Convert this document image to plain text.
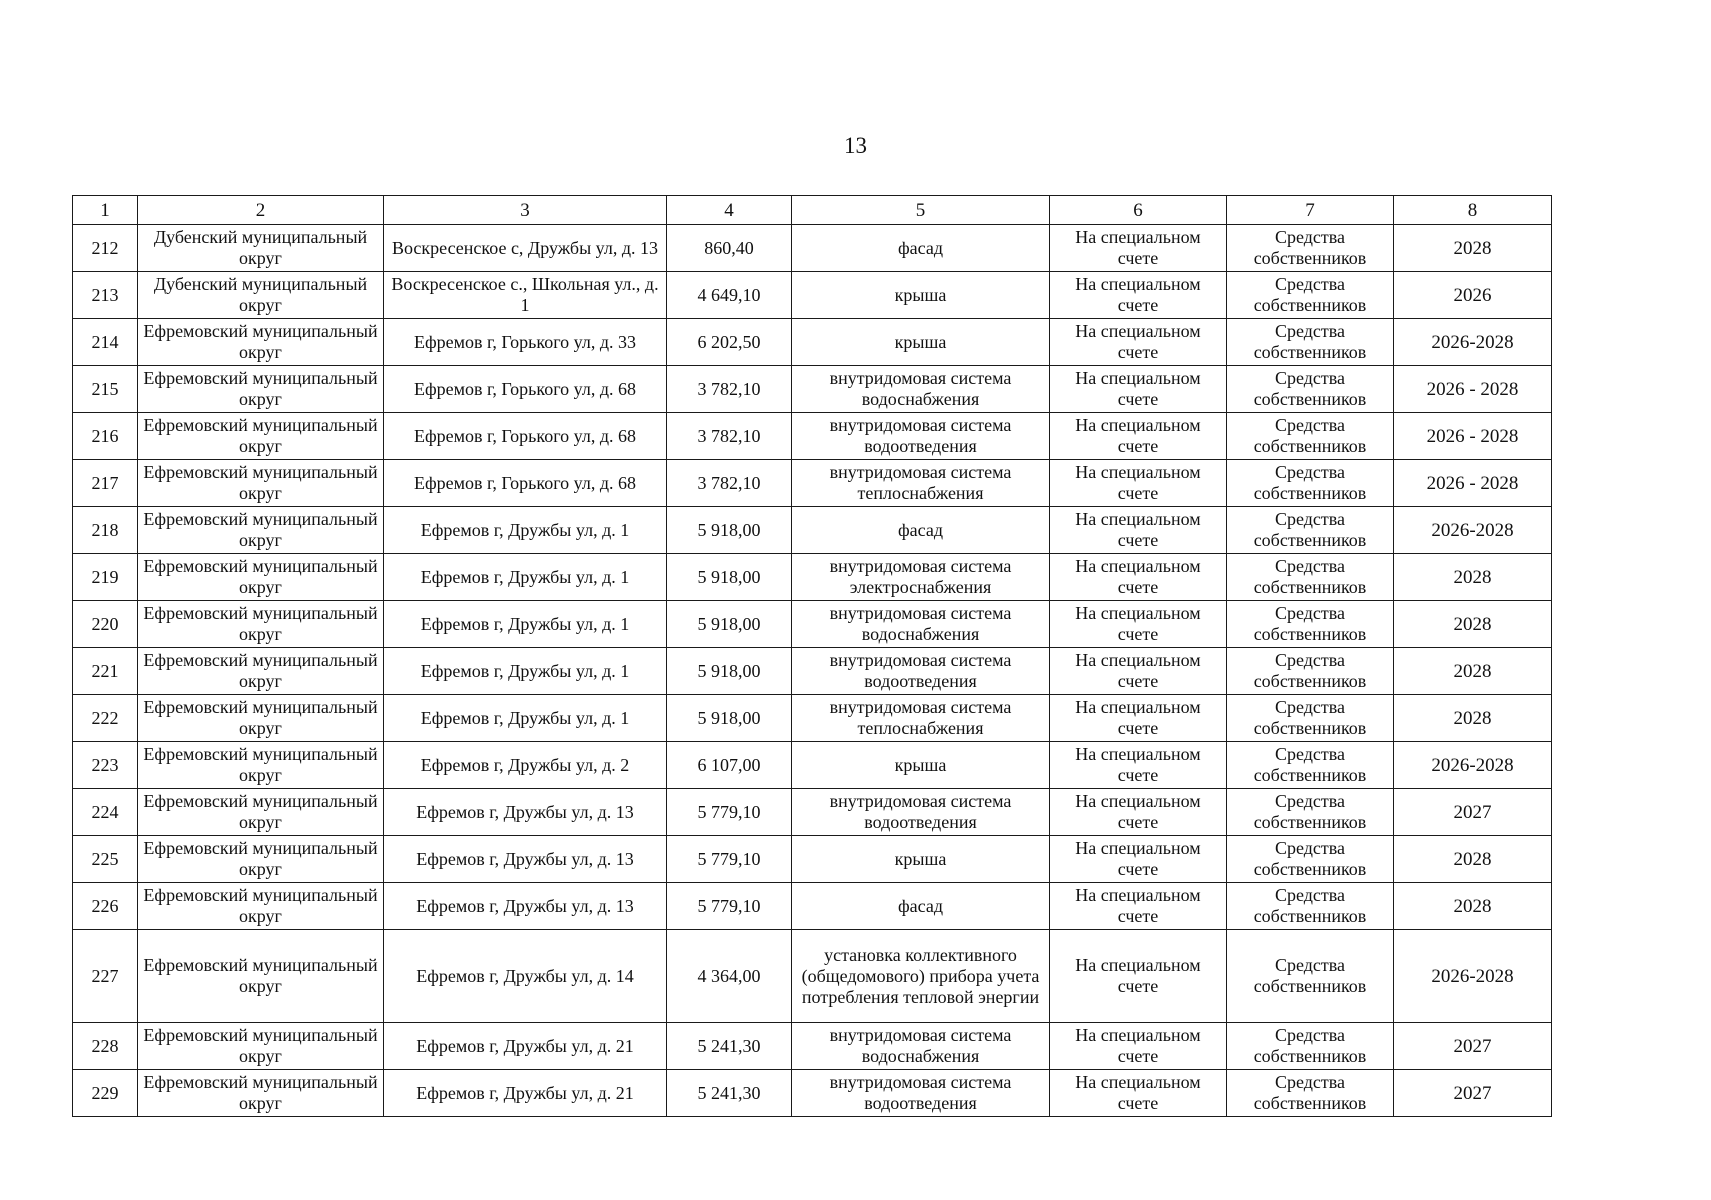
13
1	2	3	4	5	6	7	8
212	Дубенский муниципальный округ	Воскресенское с, Дружбы ул, д. 13	860,40	фасад	На специальном счете	Средства собственников	2028
213	Дубенский муниципальный округ	Воскресенское с., Школьная ул., д. 1	4 649,10	крыша	На специальном счете	Средства собственников	2026
214	Ефремовский муниципальный округ	Ефремов г, Горького ул, д. 33	6 202,50	крыша	На специальном счете	Средства собственников	2026-2028
215	Ефремовский муниципальный округ	Ефремов г, Горького ул, д. 68	3 782,10	внутридомовая система водоснабжения	На специальном счете	Средства собственников	2026 - 2028
216	Ефремовский муниципальный округ	Ефремов г, Горького ул, д. 68	3 782,10	внутридомовая система водоотведения	На специальном счете	Средства собственников	2026 - 2028
217	Ефремовский муниципальный округ	Ефремов г, Горького ул, д. 68	3 782,10	внутридомовая система теплоснабжения	На специальном счете	Средства собственников	2026 - 2028
218	Ефремовский муниципальный округ	Ефремов г, Дружбы ул, д. 1	5 918,00	фасад	На специальном счете	Средства собственников	2026-2028
219	Ефремовский муниципальный округ	Ефремов г, Дружбы ул, д. 1	5 918,00	внутридомовая система электроснабжения	На специальном счете	Средства собственников	2028
220	Ефремовский муниципальный округ	Ефремов г, Дружбы ул, д. 1	5 918,00	внутридомовая система водоснабжения	На специальном счете	Средства собственников	2028
221	Ефремовский муниципальный округ	Ефремов г, Дружбы ул, д. 1	5 918,00	внутридомовая система водоотведения	На специальном счете	Средства собственников	2028
222	Ефремовский муниципальный округ	Ефремов г, Дружбы ул, д. 1	5 918,00	внутридомовая система теплоснабжения	На специальном счете	Средства собственников	2028
223	Ефремовский муниципальный округ	Ефремов г, Дружбы ул, д. 2	6 107,00	крыша	На специальном счете	Средства собственников	2026-2028
224	Ефремовский муниципальный округ	Ефремов г, Дружбы ул, д. 13	5 779,10	внутридомовая система водоотведения	На специальном счете	Средства собственников	2027
225	Ефремовский муниципальный округ	Ефремов г, Дружбы ул, д. 13	5 779,10	крыша	На специальном счете	Средства собственников	2028
226	Ефремовский муниципальный округ	Ефремов г, Дружбы ул, д. 13	5 779,10	фасад	На специальном счете	Средства собственников	2028
227	Ефремовский муниципальный округ	Ефремов г, Дружбы ул, д. 14	4 364,00	установка коллективного (общедомового) прибора учета потребления тепловой энергии	На специальном счете	Средства собственников	2026-2028
228	Ефремовский муниципальный округ	Ефремов г, Дружбы ул, д. 21	5 241,30	внутридомовая система водоснабжения	На специальном счете	Средства собственников	2027
229	Ефремовский муниципальный округ	Ефремов г, Дружбы ул, д. 21	5 241,30	внутридомовая система водоотведения	На специальном счете	Средства собственников	2027
